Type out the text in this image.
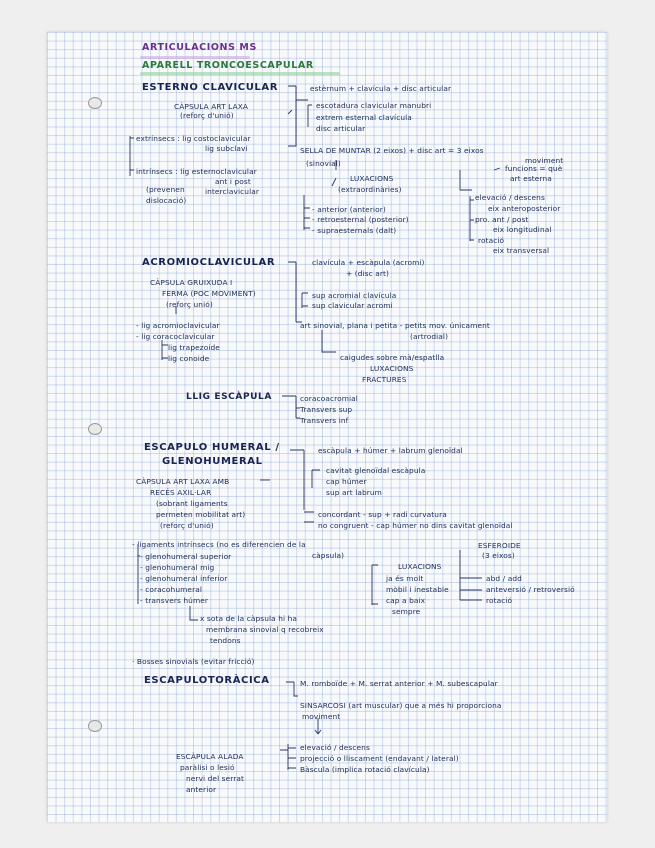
ARTICULACIONS MS
APARELL TRONCOESCAPULAR
ESTERNO CLAVICULAR	estèrnum + clavícula + disc articular
CÀPSULA ART LAXA
(reforç d'unió)
escotadura clavicular manubri
extrem esternal clavícula
disc articular
extrínsecs : lig costoclavicular
lig subclavi	SELLA DE MUNTAR (2 eixos) + disc art = 3 eixos
moviment
(sinovial)
intrínsecs : lig esternoclavicular
ant i post
interclavicular
(prevenen
dislocació)
funcions = què
art esterna
LUXACIONS
(extraordinàries)
elevació / descens
eix anteroposterior
- anterior (anterior)
pro. ant / post
- retroesternal (posterior)
eix longitudinal
- supraesternals (dalt)
rotació
eix transversal
ACROMIOCLAVICULAR	clavícula + escàpula (acromi)
+ (disc art)
CÀPSULA GRUIXUDA I
FERMA (POC MOVIMENT)
(reforç unió)
sup acromial clavícula
sup clavicular acromi
- lig acromioclavicular
- lig coracoclavicular
lig trapezoide
lig conoide
art sinovial, plana i petita - petits mov. únicament
(artrodial)
caigudes sobre mà/espatlla
LUXACIONS
FRACTURES
LLIG ESCÀPULA	coracoacromial
Transvers sup
Transvers inf
ESCAPULO HUMERAL /
GLENOHUMERAL
escàpula + húmer + labrum glenoïdal
cavitat glenoïdal escàpula
cap húmer
sup art labrum
CÀPSULA ART LAXA AMB
RECÉS AXIL·LAR
(sobrant ligaments
permeten mobilitat art)
(reforç d'unió)
concordant - sup + radi curvatura
no congruent - cap húmer no dins cavitat glenoïdal
- ligaments intrínsecs (no es diferencien de la
càpsula)
ESFEROIDE
(3 eixos)
- glenohumeral superior
LUXACIONS
- glenohumeral mig
ja és molt	abd / add
- glenohumeral inferior
mòbil i inestable	anteversió / retroversió
- coracohumeral
cap a baix	rotació
- transvers húmer
sempre
x sota de la càpsula hi ha
membrana sinovial q recobreix
tendons
· Bosses sinovials (evitar fricció)
ESCAPULOTORÀCICA	M. romboïde + M. serrat anterior + M. subescapular
SINSARCOSI (art muscular) que a més hi proporciona
moviment
ESCÀPULA ALADA
elevació / descens
paràlisi o lesió
projecció o lliscament (endavant / lateral)
nervi del serrat
Bàscula (implica rotació clavícula)
anterior
